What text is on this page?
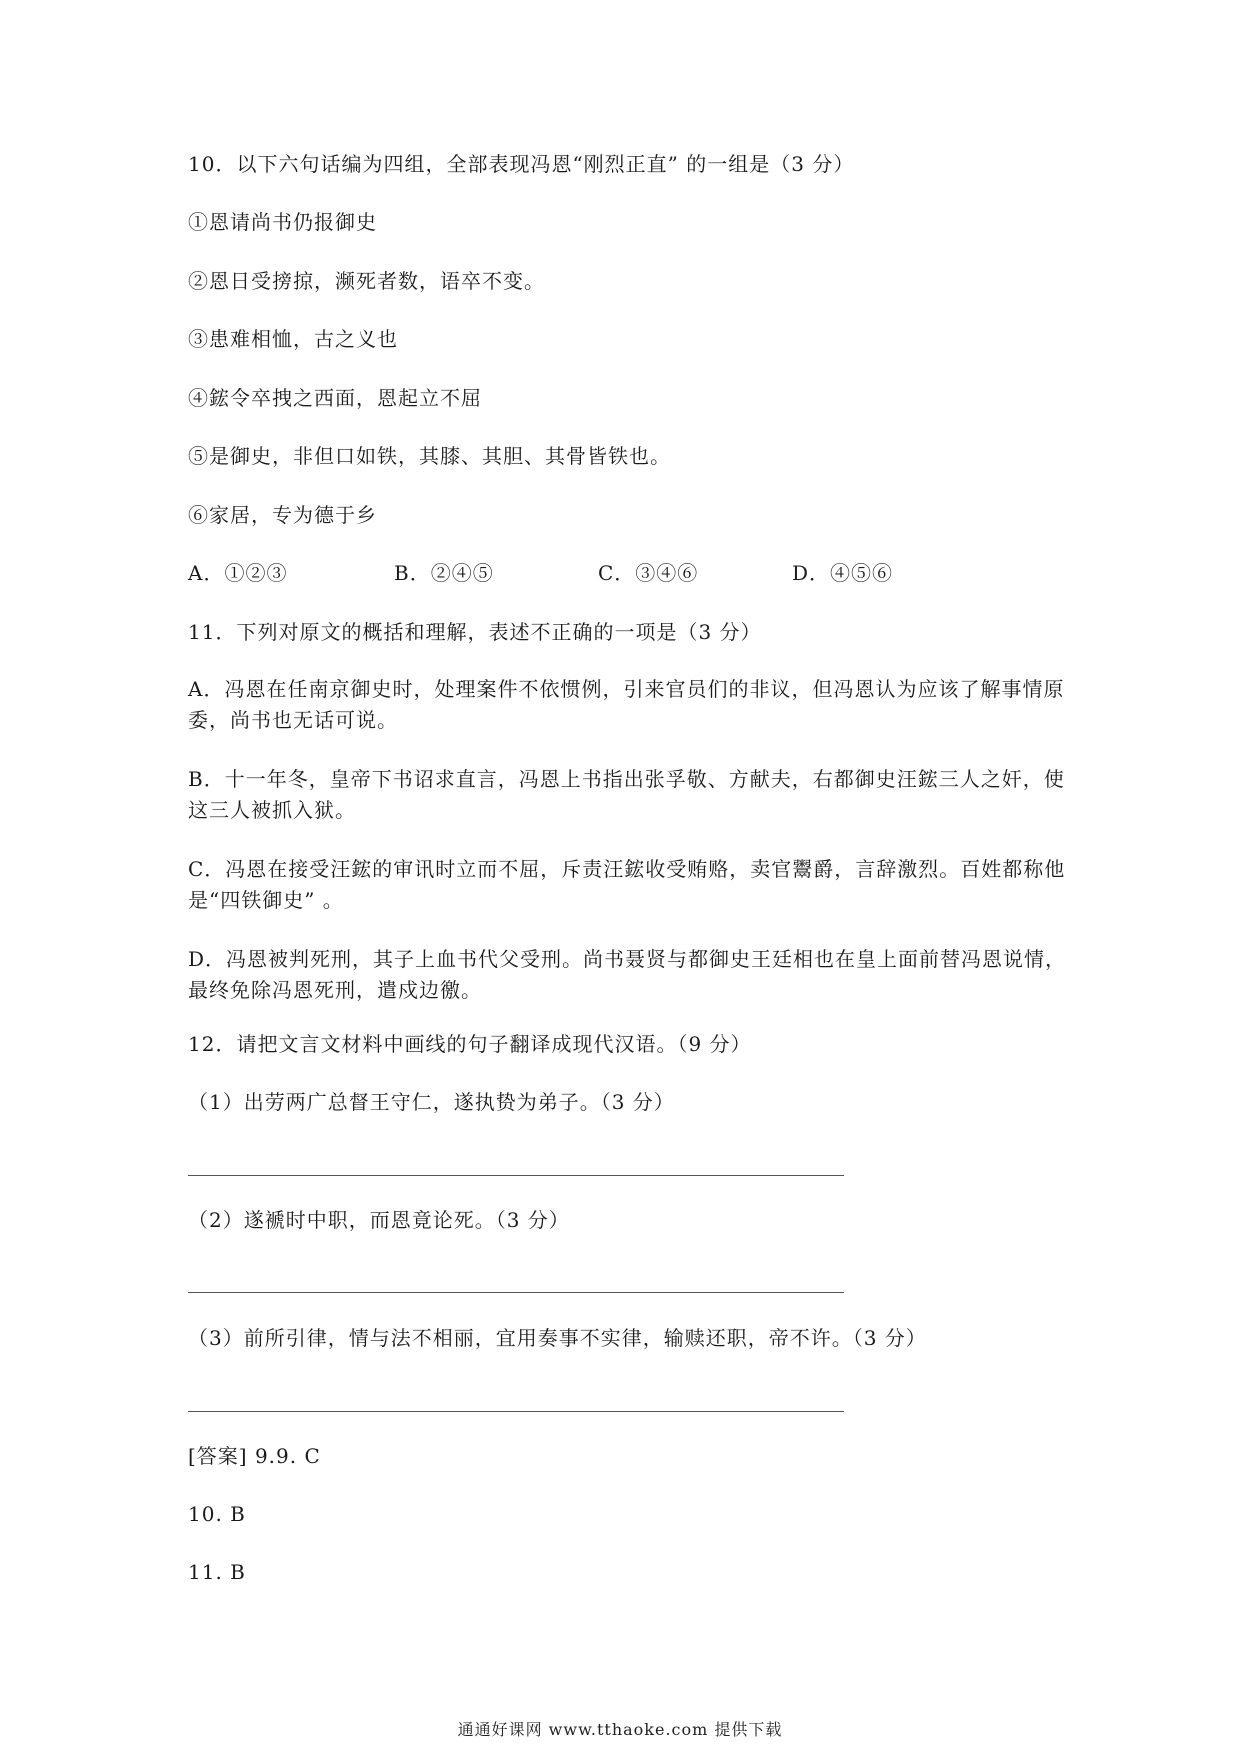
10．以下六句话编为四组，全部表现冯恩“刚烈正直” 的一组是（3 分）

①恩请尚书仍报御史

②恩日受搒掠，濒死者数，语卒不变。

③患难相恤，古之义也

④鋐令卒拽之西面，恩起立不屈

⑤是御史，非但口如铁，其膝、其胆、其骨皆铁也。

⑥家居，专为德于乡

A．①②③	B．②④⑤	C．③④⑥	D．④⑤⑥

11．下列对原文的概括和理解，表述不正确的一项是（3 分）

A．冯恩在任南京御史时，处理案件不依惯例，引来官员们的非议，但冯恩认为应该了解事情原委，尚书也无话可说。

B．十一年冬，皇帝下书诏求直言，冯恩上书指出张孚敬、方献夫，右都御史汪鋐三人之奸，使这三人被抓入狱。

C．冯恩在接受汪鋐的审讯时立而不屈，斥责汪鋐收受贿赂，卖官鬻爵，言辞激烈。百姓都称他是“四铁御史” 。

D．冯恩被判死刑，其子上血书代父受刑。尚书聂贤与都御史王廷相也在皇上面前替冯恩说情，最终免除冯恩死刑，遣戍边徼。

12．请把文言文材料中画线的句子翻译成现代汉语。（9 分）

（1）出劳两广总督王守仁，遂执贽为弟子。（3 分）

（2）遂褫时中职，而恩竟论死。（3 分）

（3）前所引律，情与法不相丽，宜用奏事不实律，输赎还职，帝不许。（3 分）

[答案] 9.9. C

10. B

11. B

通通好课网 www.tthaoke.com 提供下载
